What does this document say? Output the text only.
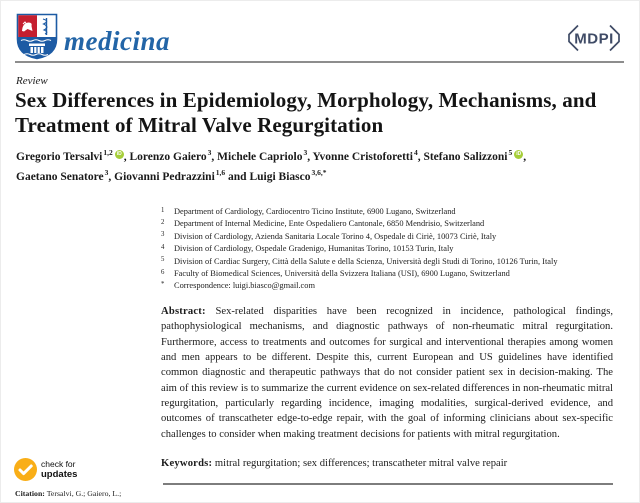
medicina	MDPI
Review
Sex Differences in Epidemiology, Morphology, Mechanisms, and Treatment of Mitral Valve Regurgitation
Gregorio Tersalvi$^{1,2}$ iD , Lorenzo Gaiero$^3$, Michele Capriolo$^3$, Yvonne Cristoforetti$^4$, Stefano Salizzoni$^5$ iD ,
Gaetano Senatore$^3$, Giovanni Pedrazzini$^{1,6}$ and Luigi Biasco$^{3,6,*}$
1	Department of Cardiology, Cardiocentro Ticino Institute, 6900 Lugano, Switzerland
2	Department of Internal Medicine, Ente Ospedaliero Cantonale, 6850 Mendrisio, Switzerland
3	Division of Cardiology, Azienda Sanitaria Locale Torino 4, Ospedale di Ciriè, 10073 Ciriè, Italy
4	Division of Cardiology, Ospedale Gradenigo, Humanitas Torino, 10153 Turin, Italy
5	Division of Cardiac Surgery, Città della Salute e della Scienza, Università degli Studi di Torino, 10126 Turin, Italy
6	Faculty of Biomedical Sciences, Università della Svizzera Italiana (USI), 6900 Lugano, Switzerland
*	Correspondence: luigi.biasco@gmail.com

Abstract: Sex-related disparities have been recognized in incidence, pathological findings, pathophysiological mechanisms, and diagnostic pathways of non-rheumatic mitral regurgitation. Furthermore, access to treatments and outcomes for surgical and interventional therapies among women and men appears to be different. Despite this, current European and US guidelines have identified common diagnostic and therapeutic pathways that do not consider patient sex in decision-making. The aim of this review is to summarize the current evidence on sex-related differences in non-rheumatic mitral regurgitation, particularly regarding incidence, imaging modalities, surgical-derived evidence, and outcomes of transcatheter edge-to-edge repair, with the goal of informing clinicians about sex-specific challenges to consider when making treatment decisions for patients with mitral regurgitation.

Keywords: mitral regurgitation; sex differences; transcatheter mitral valve repair

check for
updates
Citation: Tersalvi, G.; Gaiero, L.;
